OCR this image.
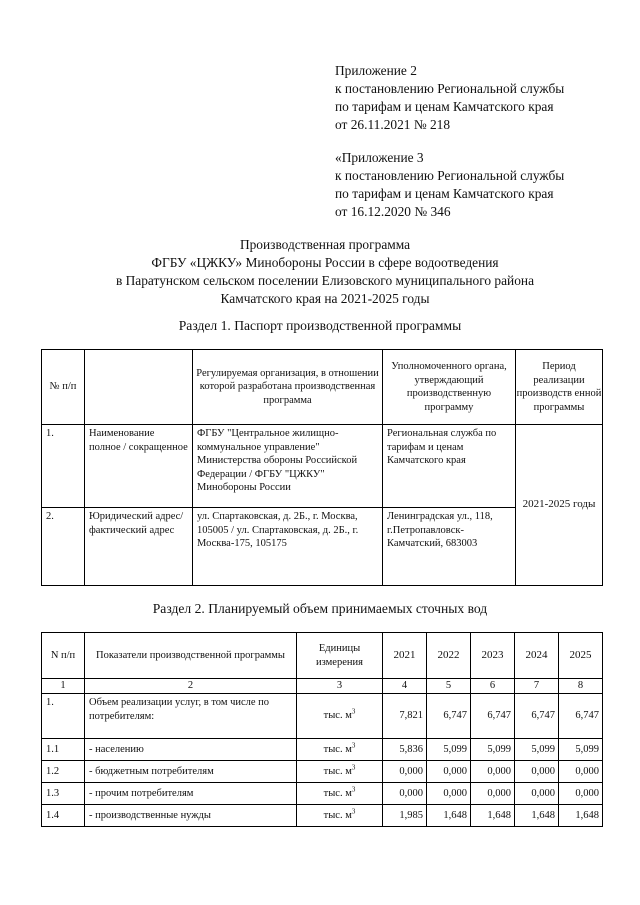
Приложение 2
к постановлению Региональной службы
по тарифам и ценам Камчатского края
от 26.11.2021 № 218
«Приложение 3
к постановлению Региональной службы
по тарифам и ценам Камчатского края
от 16.12.2020 № 346
Производственная программа
ФГБУ «ЦЖКУ» Минобороны России в сфере водоотведения
в Паратунском сельском поселении Елизовского муниципального района
Камчатского края на 2021-2025 годы
Раздел 1. Паспорт производственной программы
№ п/п		Регулируемая организация, в отношении которой разработана производственная программа	Уполномоченного органа, утверждающий производственную программу	Период реализации производств енной программы
1.	Наименование полное / сокращенное	ФГБУ "Центральное жилищно-коммунальное управление" Министерства обороны Российской Федерации / ФГБУ "ЦЖКУ" Минобороны России	Региональная служба по тарифам и ценам Камчатского края	2021-2025 годы
2.	Юридический адрес/ фактический адрес	ул. Спартаковская, д. 2Б., г. Москва, 105005 / ул. Спартаковская, д. 2Б., г. Москва-175, 105175	Ленинградская ул., 118, г.Петропавловск-Камчатский, 683003	
Раздел 2. Планируемый объем принимаемых сточных вод
N п/п	Показатели производственной программы	Единицы измерения	2021	2022	2023	2024	2025
1	2	3	4	5	6	7	8
1.	Объем реализации услуг, в том числе по потребителям:	тыс. $м^3$	7,821	6,747	6,747	6,747	6,747
1.1	- населению	тыс. $м^3$	5,836	5,099	5,099	5,099	5,099
1.2	- бюджетным потребителям	тыс. $м^3$	0,000	0,000	0,000	0,000	0,000
1.3	- прочим потребителям	тыс. $м^3$	0,000	0,000	0,000	0,000	0,000
1.4	- производственные нужды	тыс. $м^3$	1,985	1,648	1,648	1,648	1,648
